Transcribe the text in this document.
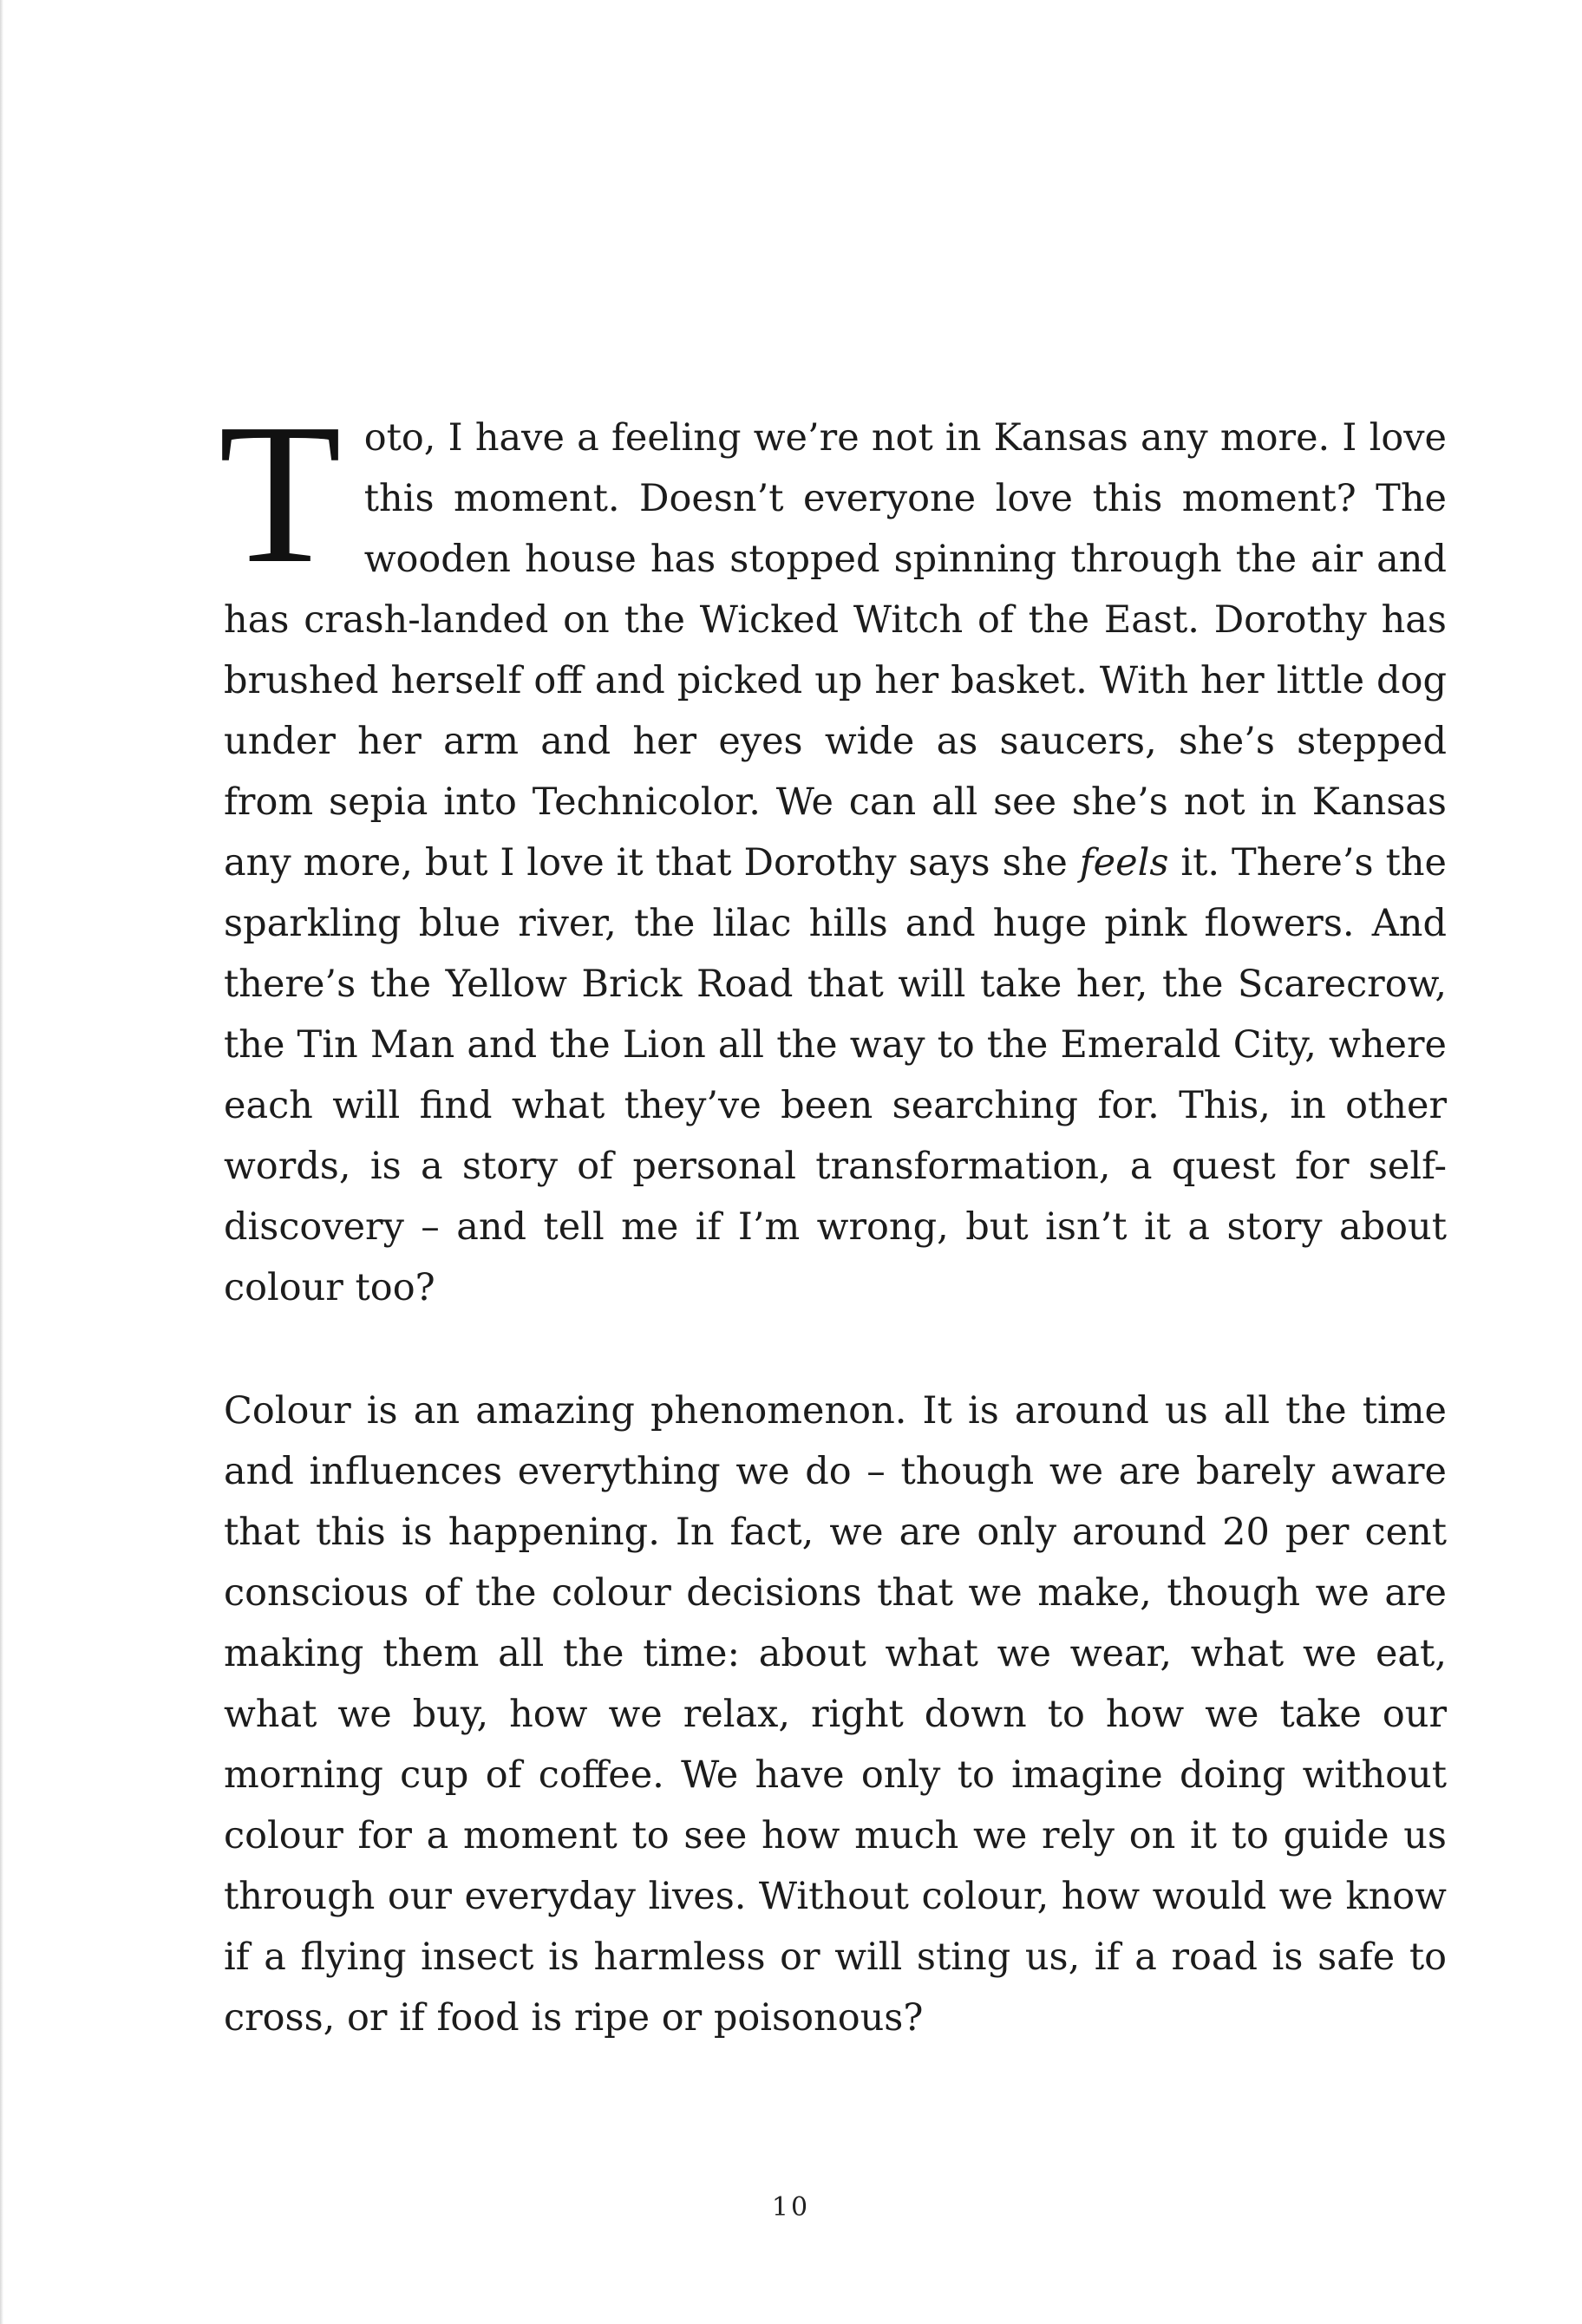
Toto, I have a feeling we’re not in Kansas any more. I love this moment. Doesn’t everyone love this moment? The wooden house has stopped spinning through the air and has crash-landed on the Wicked Witch of the East. Dorothy has brushed herself off and picked up her basket. With her little dog under her arm and her eyes wide as saucers, she’s stepped from sepia into Technicolor. We can all see she’s not in Kansas any more, but I love it that Dorothy says she feels it. There’s the sparkling blue river, the lilac hills and huge pink flowers. And there’s the Yellow Brick Road that will take her, the Scarecrow, the Tin Man and the Lion all the way to the Emerald City, where each will find what they’ve been searching for. This, in other words, is a story of personal transformation, a quest for self-discovery – and tell me if I’m wrong, but isn’t it a story about colour too?

Colour is an amazing phenomenon. It is around us all the time and influences everything we do – though we are barely aware that this is happening. In fact, we are only around 20 per cent conscious of the colour decisions that we make, though we are making them all the time: about what we wear, what we eat, what we buy, how we relax, right down to how we take our morning cup of coffee. We have only to imagine doing without colour for a moment to see how much we rely on it to guide us through our everyday lives. Without colour, how would we know if a flying insect is harmless or will sting us, if a road is safe to cross, or if food is ripe or poisonous?

10
